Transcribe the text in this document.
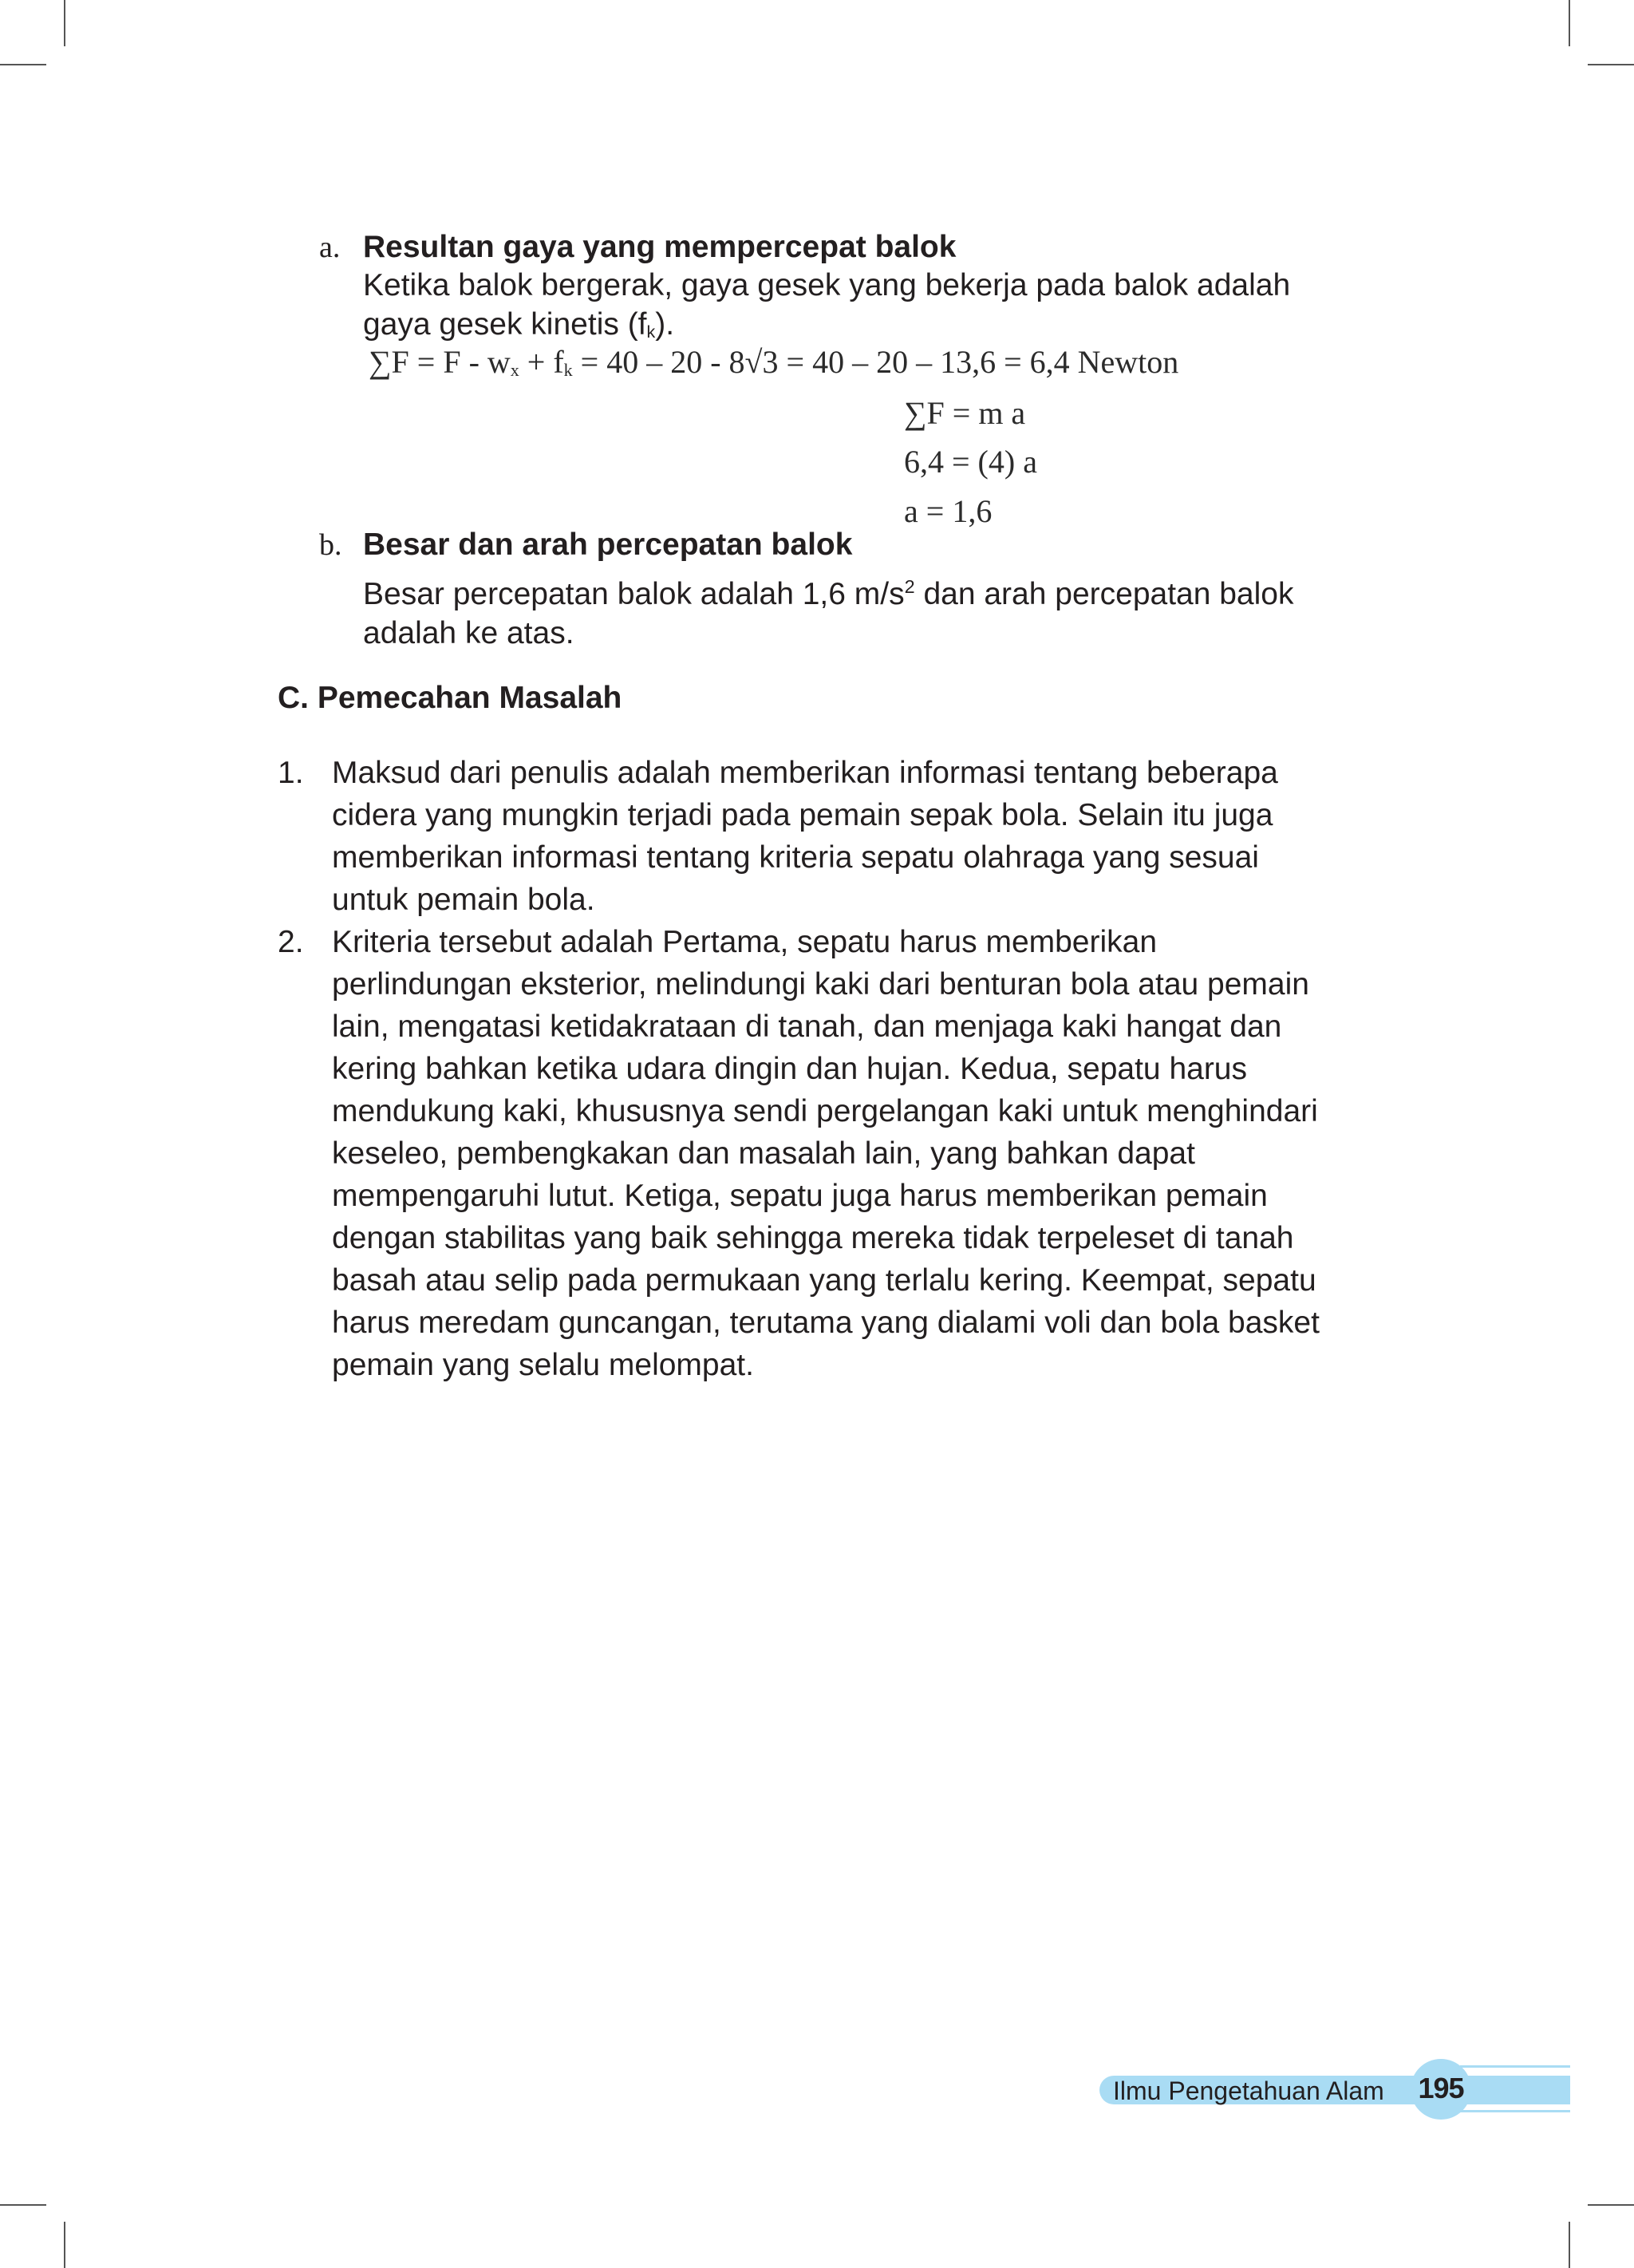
a. Resultan gaya yang mempercepat balok
Ketika balok bergerak, gaya gesek yang bekerja pada balok adalah
gaya gesek kinetis (fk).
∑F = F - wx + fk = 40 – 20 - 8√3 = 40 – 20 – 13,6 = 6,4 Newton
∑F = m a
6,4 = (4) a
a = 1,6
b. Besar dan arah percepatan balok
Besar percepatan balok adalah 1,6 $m/s^2$ dan arah percepatan balok
adalah ke atas.
C. Pemecahan Masalah
1. Maksud dari penulis adalah memberikan informasi tentang beberapa
cidera yang mungkin terjadi pada pemain sepak bola. Selain itu juga
memberikan informasi tentang kriteria sepatu olahraga yang sesuai
untuk pemain bola.
2. Kriteria tersebut adalah Pertama, sepatu harus memberikan
perlindungan eksterior, melindungi kaki dari benturan bola atau pemain
lain, mengatasi ketidakrataan di tanah, dan menjaga kaki hangat dan
kering bahkan ketika udara dingin dan hujan. Kedua, sepatu harus
mendukung kaki, khususnya sendi pergelangan kaki untuk menghindari
keseleo, pembengkakan dan masalah lain, yang bahkan dapat
mempengaruhi lutut. Ketiga, sepatu juga harus memberikan pemain
dengan stabilitas yang baik sehingga mereka tidak terpeleset di tanah
basah atau selip pada permukaan yang terlalu kering. Keempat, sepatu
harus meredam guncangan, terutama yang dialami voli dan bola basket
pemain yang selalu melompat.
Ilmu Pengetahuan Alam 195
